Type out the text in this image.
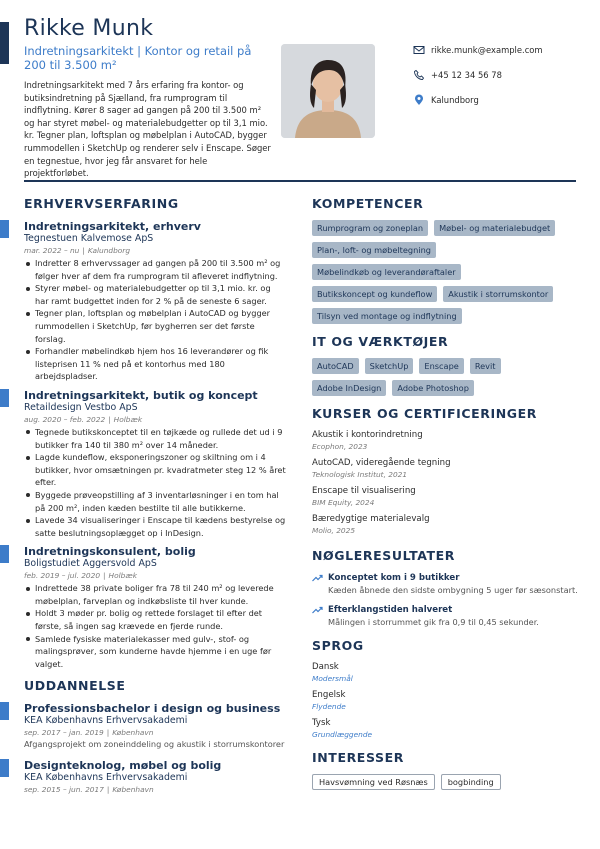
Rikke Munk
Indretningsarkitekt | Kontor og retail på 200 til 3.500 m²
Indretningsarkitekt med 7 års erfaring fra kontor- og butiksindretning på Sjælland, fra rumprogram til indflytning. Kører 8 sager ad gangen på 200 til 3.500 m² og har styret møbel- og materialebudgetter op til 3,1 mio. kr. Tegner plan, loftsplan og møbelplan i AutoCAD, bygger rummodellen i SketchUp og renderer selv i Enscape. Søger en tegnestue, hvor jeg får ansvaret for hele projektforløbet.
rikke.munk@example.com
+45 12 34 56 78
Kalundborg
ERHVERVSERFARING
Indretningsarkitekt, erhverv
Tegnestuen Kalvemose ApS
mar. 2022 – nu | Kalundborg
Indretter 8 erhvervssager ad gangen på 200 til 3.500 m² og følger hver af dem fra rumprogram til afleveret indflytning.
Styrer møbel- og materialebudgetter op til 3,1 mio. kr. og har ramt budgettet inden for 2 % på de seneste 6 sager.
Tegner plan, loftsplan og møbelplan i AutoCAD og bygger rummodellen i SketchUp, før bygherren ser det første forslag.
Forhandler møbelindkøb hjem hos 16 leverandører og fik listeprisen 11 % ned på et kontorhus med 180 arbejdspladser.
Indretningsarkitekt, butik og koncept
Retaildesign Vestbo ApS
aug. 2020 – feb. 2022 | Holbæk
Tegnede butikskonceptet til en tøjkæde og rullede det ud i 9 butikker fra 140 til 380 m² over 14 måneder.
Lagde kundeflow, eksponeringszoner og skiltning om i 4 butikker, hvor omsætningen pr. kvadratmeter steg 12 % året efter.
Byggede prøveopstilling af 3 inventarløsninger i en tom hal på 200 m², inden kæden bestilte til alle butikkerne.
Lavede 34 visualiseringer i Enscape til kædens bestyrelse og satte beslutningsoplægget op i InDesign.
Indretningskonsulent, bolig
Boligstudiet Aggersvold ApS
feb. 2019 – jul. 2020 | Holbæk
Indrettede 38 private boliger fra 78 til 240 m² og leverede møbelplan, farveplan og indkøbsliste til hver kunde.
Holdt 3 møder pr. bolig og rettede forslaget til efter det første, så ingen sag krævede en fjerde runde.
Samlede fysiske materialekasser med gulv-, stof- og malingsprøver, som kunderne havde hjemme i en uge før valget.
UDDANNELSE
Professionsbachelor i design og business
KEA Københavns Erhvervsakademi
sep. 2017 – jan. 2019 | København
Afgangsprojekt om zoneinddeling og akustik i storrumskontorer
Designteknolog, møbel og bolig
KEA Københavns Erhvervsakademi
sep. 2015 – jun. 2017 | København
KOMPETENCER
Rumprogram og zoneplan	Møbel- og materialebudget
Plan-, loft- og møbeltegning
Møbelindkøb og leverandøraftaler
Butikskoncept og kundeflow	Akustik i storrumskontor
Tilsyn ved montage og indflytning
IT OG VÆRKTØJER
AutoCAD	SketchUp	Enscape	Revit
Adobe InDesign	Adobe Photoshop
KURSER OG CERTIFICERINGER
Akustik i kontorindretning
Ecophon, 2023
AutoCAD, videregående tegning
Teknologisk Institut, 2021
Enscape til visualisering
BIM Equity, 2024
Bæredygtige materialevalg
Molio, 2025
NØGLERESULTATER
Konceptet kom i 9 butikker
Kæden åbnede den sidste ombygning 5 uger før sæsonstart.
Efterklangstiden halveret
Målingen i storrummet gik fra 0,9 til 0,45 sekunder.
SPROG
Dansk
Modersmål
Engelsk
Flydende
Tysk
Grundlæggende
INTERESSER
Havsvømning ved Røsnæs	bogbinding
